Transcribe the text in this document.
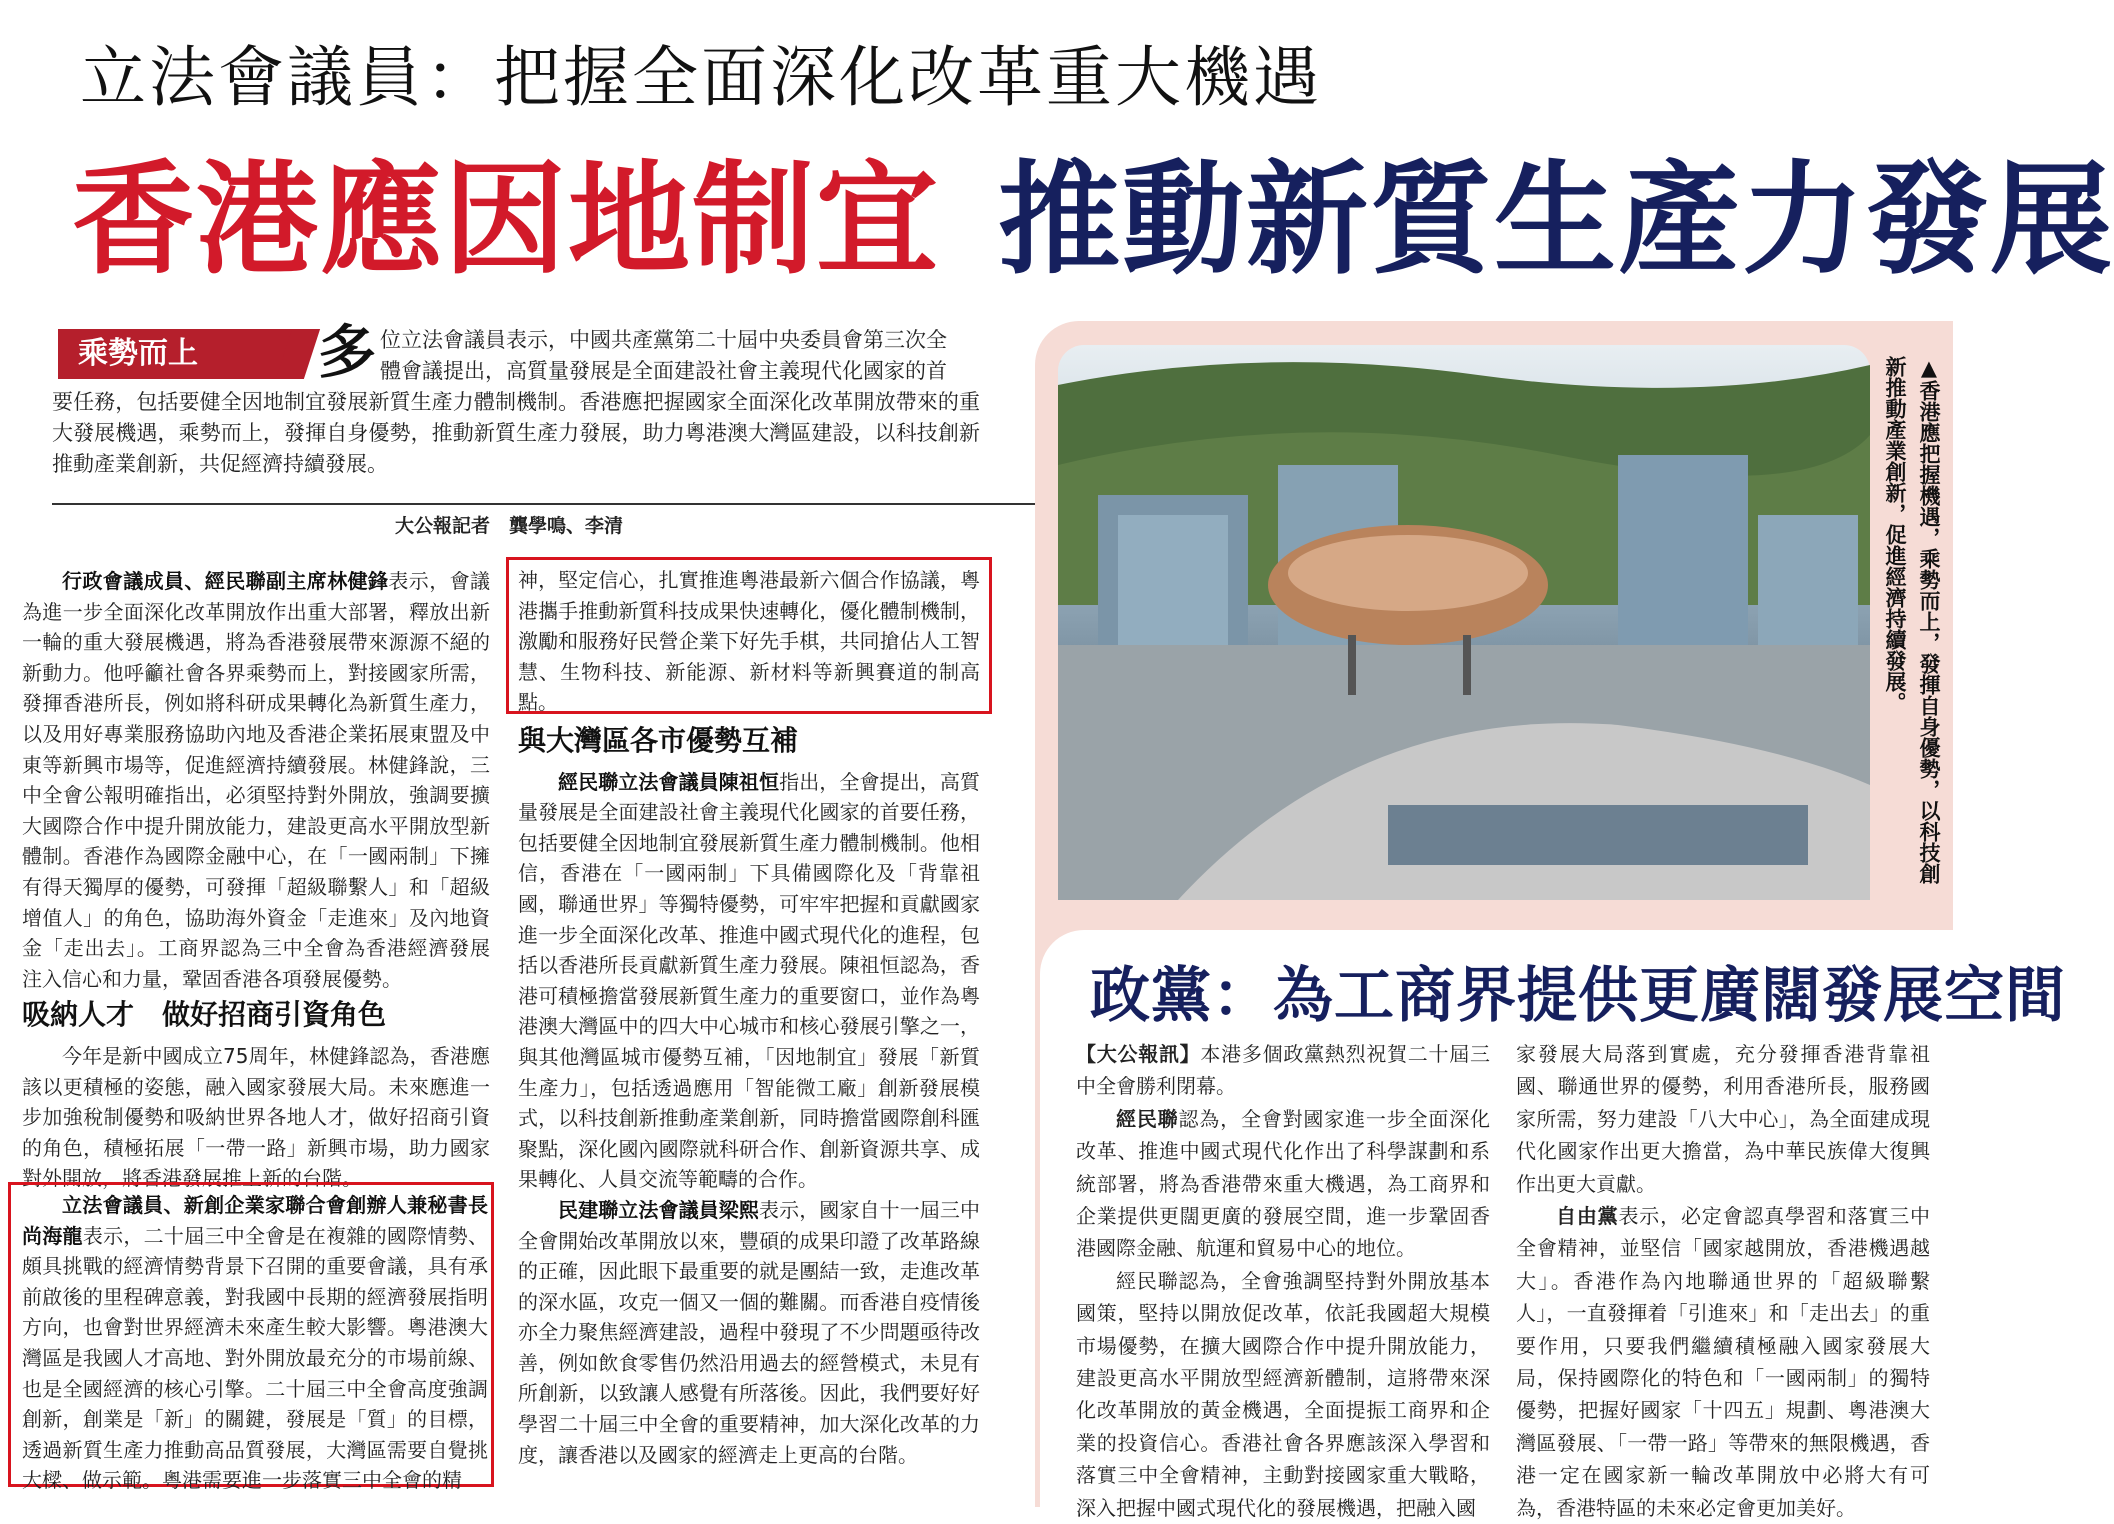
立法會議員：把握全面深化改革重大機遇
香港應因地制宜 推動新質生產力發展
乘勢而上	多 位立法會議員表示，中國共產黨第二十屆中央委員會第三次全

體會議提出，高質量發展是全面建設社會主義現代化國家的首

要任務，包括要健全因地制宜發展新質生產力體制機制。香港應把握國家全面深化改革開放帶來的重大發展機遇，乘勢而上，發揮自身優勢，推動新質生產力發展，助力粵港澳大灣區建設，以科技創新推動產業創新，共促經濟持續發展。

大公報記者　龔學鳴、李清

行政會議成員、經民聯副主席林健鋒表示，會議為進一步全面深化改革開放作出重大部署，釋放出新一輪的重大發展機遇，將為香港發展帶來源源不絕的新動力。他呼籲社會各界乘勢而上，對接國家所需，發揮香港所長，例如將科研成果轉化為新質生產力，以及用好專業服務協助內地及香港企業拓展東盟及中東等新興市場等，促進經濟持續發展。林健鋒說，三中全會公報明確指出，必須堅持對外開放，強調要擴大國際合作中提升開放能力，建設更高水平開放型新體制。香港作為國際金融中心，在「一國兩制」下擁有得天獨厚的優勢，可發揮「超級聯繫人」和「超級增值人」的角色，協助海外資金「走進來」及內地資金「走出去」。工商界認為三中全會為香港經濟發展注入信心和力量，鞏固香港各項發展優勢。

吸納人才　做好招商引資角色

今年是新中國成立75周年，林健鋒認為，香港應該以更積極的姿態，融入國家發展大局。未來應進一步加強稅制優勢和吸納世界各地人才，做好招商引資的角色，積極拓展「一帶一路」新興市場，助力國家對外開放，將香港發展推上新的台階。

立法會議員、新創企業家聯合會創辦人兼秘書長尚海龍表示，二十屆三中全會是在複雜的國際情勢、頗具挑戰的經濟情勢背景下召開的重要會議，具有承前啟後的里程碑意義，對我國中長期的經濟發展指明方向，也會對世界經濟未來產生較大影響。粵港澳大灣區是我國人才高地、對外開放最充分的市場前線、也是全國經濟的核心引擎。二十屆三中全會高度強調創新，創業是「新」的關鍵，發展是「質」的目標，透過新質生產力推動高品質發展，大灣區需要自覺挑大樑、做示範。粵港需要進一步落實三中全會的精

神，堅定信心，扎實推進粵港最新六個合作協議，粵港攜手推動新質科技成果快速轉化，優化體制機制，激勵和服務好民營企業下好先手棋，共同搶佔人工智慧、生物科技、新能源、新材料等新興賽道的制高點。

與大灣區各市優勢互補

經民聯立法會議員陳祖恒指出，全會提出，高質量發展是全面建設社會主義現代化國家的首要任務，包括要健全因地制宜發展新質生產力體制機制。他相信，香港在「一國兩制」下具備國際化及「背靠祖國，聯通世界」等獨特優勢，可牢牢把握和貢獻國家進一步全面深化改革、推進中國式現代化的進程，包括以香港所長貢獻新質生產力發展。陳祖恒認為，香港可積極擔當發展新質生產力的重要窗口，並作為粵港澳大灣區中的四大中心城市和核心發展引擎之一，與其他灣區城市優勢互補，「因地制宜」發展「新質生產力」，包括透過應用「智能微工廠」創新發展模式，以科技創新推動產業創新，同時擔當國際創科匯聚點，深化國內國際就科研合作、創新資源共享、成果轉化、人員交流等範疇的合作。

民建聯立法會議員梁熙表示，國家自十一屆三中全會開始改革開放以來，豐碩的成果印證了改革路線的正確，因此眼下最重要的就是團結一致，走進改革的深水區，攻克一個又一個的難關。而香港自疫情後亦全力聚焦經濟建設，過程中發現了不少問題亟待改善，例如飲食零售仍然沿用過去的經營模式，未見有所創新，以致讓人感覺有所落後。因此，我們要好好學習二十屆三中全會的重要精神，加大深化改革的力度，讓香港以及國家的經濟走上更高的台階。

▲香港應把握機遇，乘勢而上，發揮自身優勢，以科技創新推動產業創新，促進經濟持續發展。
政黨：為工商界提供更廣闊發展空間

【大公報訊】本港多個政黨熱烈祝賀二十屆三中全會勝利閉幕。

經民聯認為，全會對國家進一步全面深化改革、推進中國式現代化作出了科學謀劃和系統部署，將為香港帶來重大機遇，為工商界和企業提供更闊更廣的發展空間，進一步鞏固香港國際金融、航運和貿易中心的地位。

經民聯認為，全會強調堅持對外開放基本國策，堅持以開放促改革，依託我國超大規模市場優勢，在擴大國際合作中提升開放能力，建設更高水平開放型經濟新體制，這將帶來深化改革開放的黃金機遇，全面提振工商界和企業的投資信心。香港社會各界應該深入學習和落實三中全會精神，主動對接國家重大戰略，深入把握中國式現代化的發展機遇，把融入國

家發展大局落到實處，充分發揮香港背靠祖國、聯通世界的優勢，利用香港所長，服務國家所需，努力建設「八大中心」，為全面建成現代化國家作出更大擔當，為中華民族偉大復興作出更大貢獻。

自由黨表示，必定會認真學習和落實三中全會精神，並堅信「國家越開放，香港機遇越大」。香港作為內地聯通世界的「超級聯繫人」，一直發揮着「引進來」和「走出去」的重要作用，只要我們繼續積極融入國家發展大局，保持國際化的特色和「一國兩制」的獨特優勢，把握好國家「十四五」規劃、粵港澳大灣區發展、「一帶一路」等帶來的無限機遇，香港一定在國家新一輪改革開放中必將大有可為，香港特區的未來必定會更加美好。
